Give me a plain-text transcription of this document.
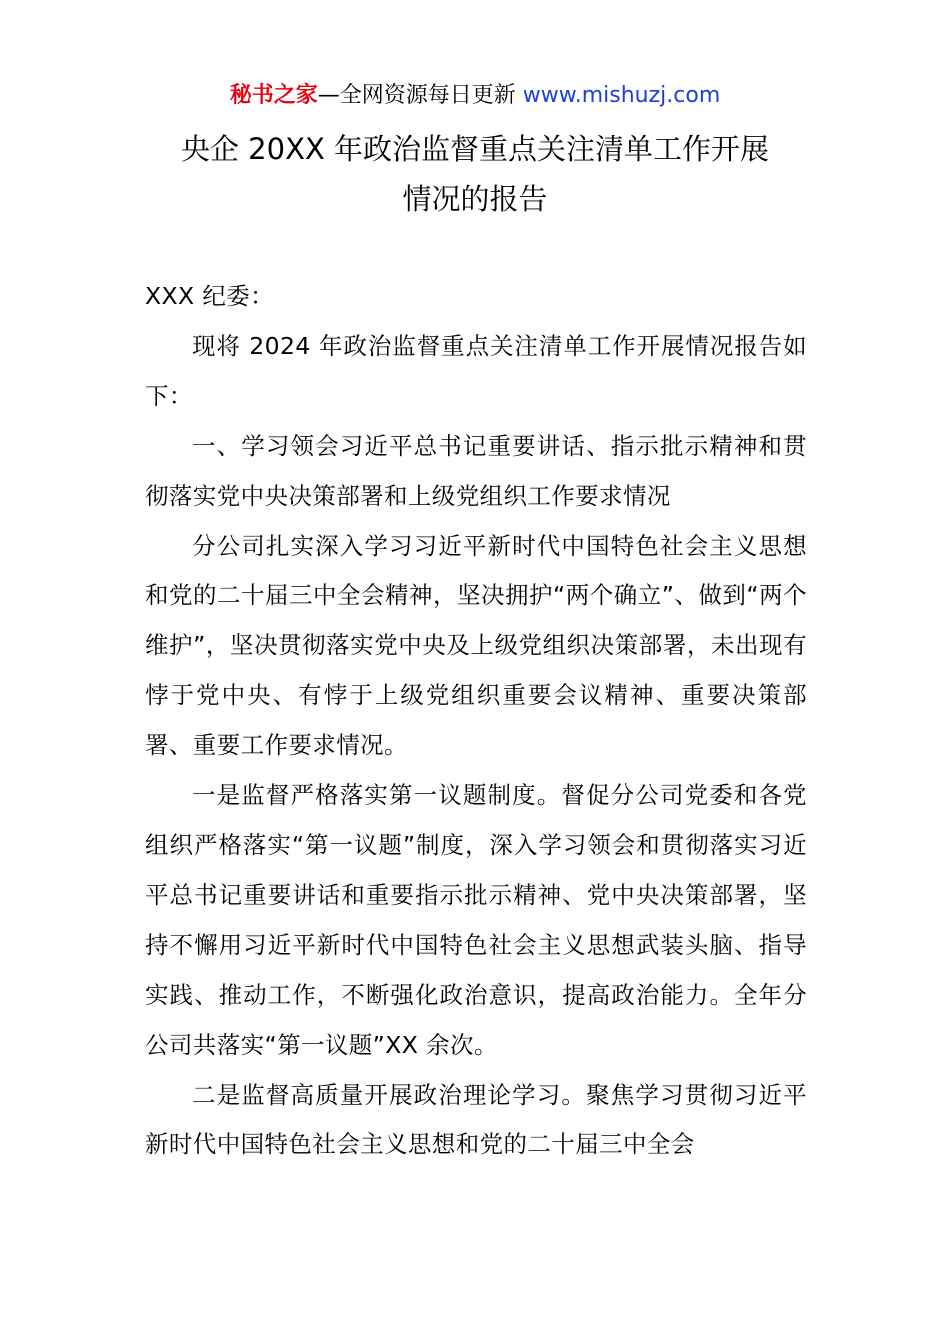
秘书之家—全网资源每日更新 www.mishuzj.com
央企 20XX 年政治监督重点关注清单工作开展
情况的报告

XXX 纪委：

现将 2024 年政治监督重点关注清单工作开展情况报告如下：

一、学习领会习近平总书记重要讲话、指示批示精神和贯彻落实党中央决策部署和上级党组织工作要求情况

分公司扎实深入学习习近平新时代中国特色社会主义思想和党的二十届三中全会精神，坚决拥护“两个确立”、做到“两个维护”，坚决贯彻落实党中央及上级党组织决策部署，未出现有悖于党中央、有悖于上级党组织重要会议精神、重要决策部署、重要工作要求情况。

一是监督严格落实第一议题制度。督促分公司党委和各党组织严格落实“第一议题”制度，深入学习领会和贯彻落实习近平总书记重要讲话和重要指示批示精神、党中央决策部署，坚持不懈用习近平新时代中国特色社会主义思想武装头脑、指导实践、推动工作，不断强化政治意识，提高政治能力。全年分公司共落实“第一议题”XX 余次。

二是监督高质量开展政治理论学习。聚焦学习贯彻习近平新时代中国特色社会主义思想和党的二十届三中全会
